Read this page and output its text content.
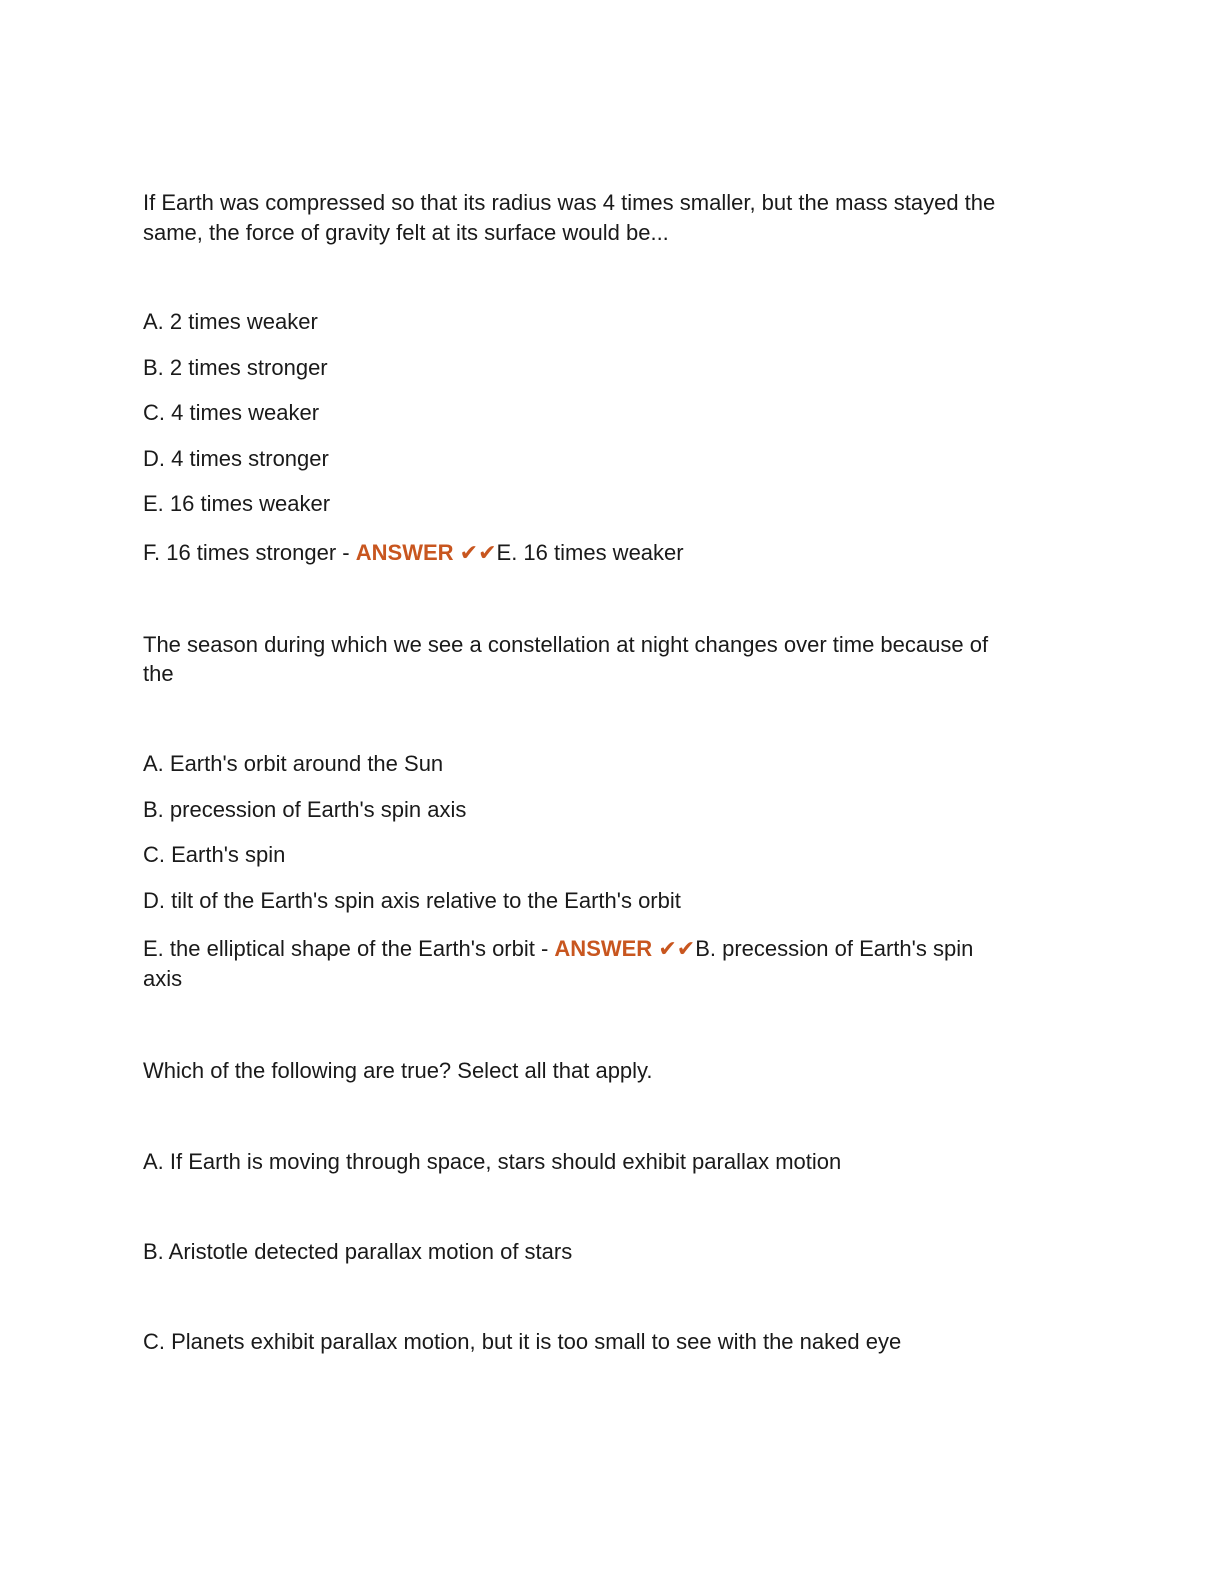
If Earth was compressed so that its radius was 4 times smaller, but the mass stayed the
same, the force of gravity felt at its surface would be...
A. 2 times weaker
B. 2 times stronger
C. 4 times weaker
D. 4 times stronger
E. 16 times weaker
F. 16 times stronger - ANSWER ✔✔E. 16 times weaker
The season during which we see a constellation at night changes over time because of
the
A. Earth's orbit around the Sun
B. precession of Earth's spin axis
C. Earth's spin
D. tilt of the Earth's spin axis relative to the Earth's orbit
E. the elliptical shape of the Earth's orbit - ANSWER ✔✔B. precession of Earth's spin
axis
Which of the following are true? Select all that apply.
A. If Earth is moving through space, stars should exhibit parallax motion
B. Aristotle detected parallax motion of stars
C. Planets exhibit parallax motion, but it is too small to see with the naked eye
